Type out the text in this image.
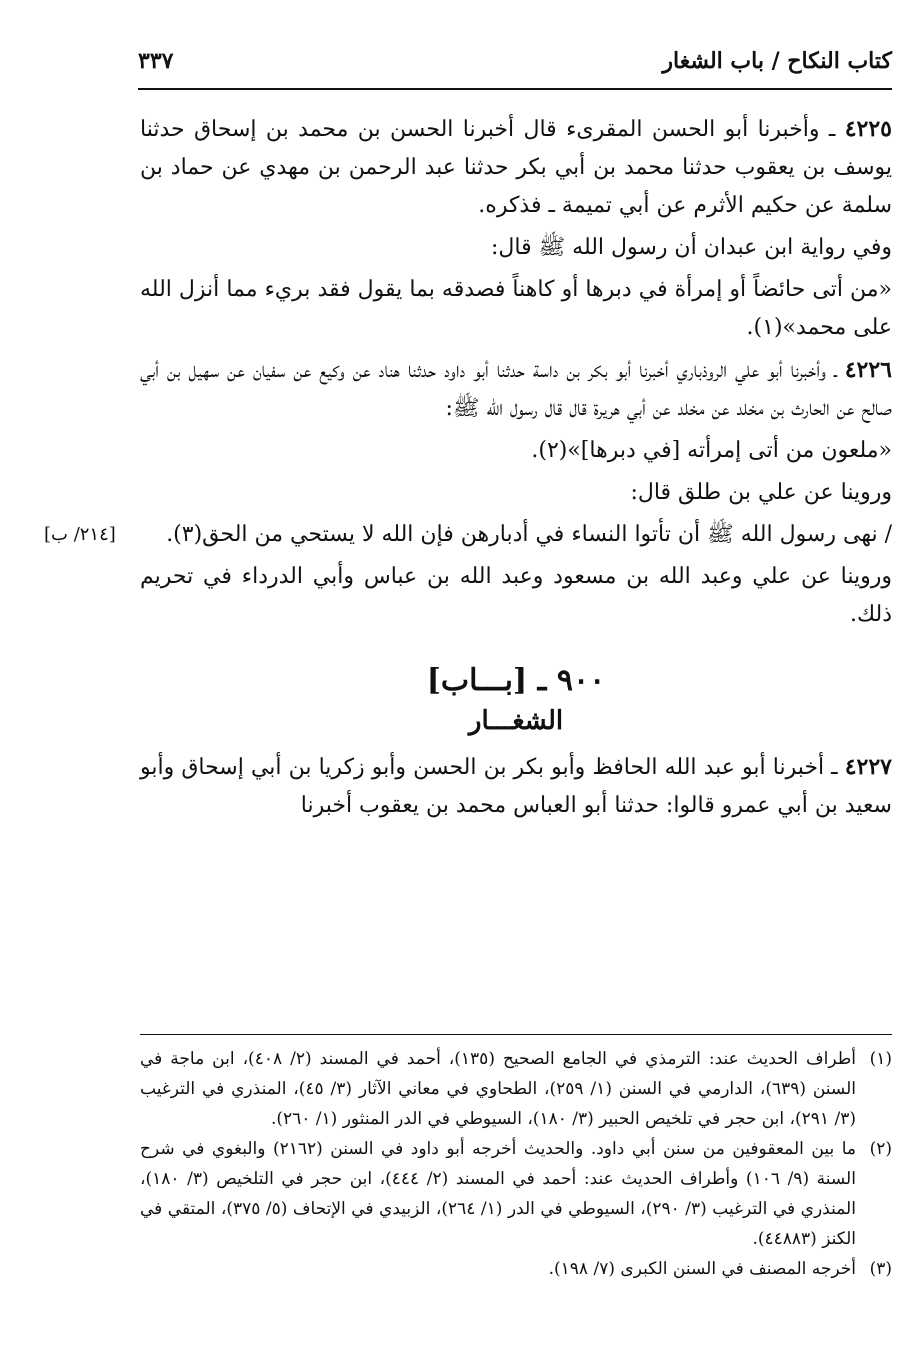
كتاب النكاح / باب الشغار
٣٣٧

٤٢٢٥ ـ وأخبرنا أبو الحسن المقرىء قال أخبرنا الحسن بن محمد بن إسحاق حدثنا يوسف بن يعقوب حدثنا محمد بن أبي بكر حدثنا عبد الرحمن بن مهدي عن حماد بن سلمة عن حكيم الأثرم عن أبي تميمة ـ فذكره.

وفي رواية ابن عبدان أن رسول الله ﷺ قال:

«من أتى حائضاً أو إمرأة في دبرها أو كاهناً فصدقه بما يقول فقد بريء مما أنزل الله على محمد»(١).

٤٢٢٦ ـ وأخبرنا أبو علي الروذباري أخبرنا أبو بكر بن داسة حدثنا أبو داود حدثنا هناد عن وكيع عن سفيان عن سهيل بن أبي صالح عن الحارث بن مخلد عن مخلد عن أبي هريرة قال قال رسول الله ﷺ:

«ملعون من أتى إمرأته [في دبرها]»(٢).

وروينا عن علي بن طلق قال:

[٢١٤/ ب] / نهى رسول الله ﷺ أن تأتوا النساء في أدبارهن فإن الله لا يستحي من الحق(٣).

وروينا عن علي وعبد الله بن مسعود وعبد الله بن عباس وأبي الدرداء في تحريم ذلك.

٩٠٠ ـ [بـــاب]
الشغـــار

٤٢٢٧ ـ أخبرنا أبو عبد الله الحافظ وأبو بكر بن الحسن وأبو زكريا بن أبي إسحاق وأبو سعيد بن أبي عمرو قالوا: حدثنا أبو العباس محمد بن يعقوب أخبرنا

(١)
أطراف الحديث عند: الترمذي في الجامع الصحيح (١٣٥)، أحمد في المسند (٢/ ٤٠٨)، ابن ماجة في السنن (٦٣٩)، الدارمي في السنن (١/ ٢٥٩)، الطحاوي في معاني الآثار (٣/ ٤٥)، المنذري في الترغيب (٣/ ٢٩١)، ابن حجر في تلخيص الحبير (٣/ ١٨٠)، السيوطي في الدر المنثور (١/ ٢٦٠).

(٢)
ما بين المعقوفين من سنن أبي داود. والحديث أخرجه أبو داود في السنن (٢١٦٢) والبغوي في شرح السنة (٩/ ١٠٦) وأطراف الحديث عند: أحمد في المسند (٢/ ٤٤٤)، ابن حجر في التلخيص (٣/ ١٨٠)، المنذري في الترغيب (٣/ ٢٩٠)، السيوطي في الدر (١/ ٢٦٤)، الزبيدي في الإتحاف (٥/ ٣٧٥)، المتقي في الكنز (٤٤٨٨٣).

(٣)
أخرجه المصنف في السنن الكبرى (٧/ ١٩٨).
